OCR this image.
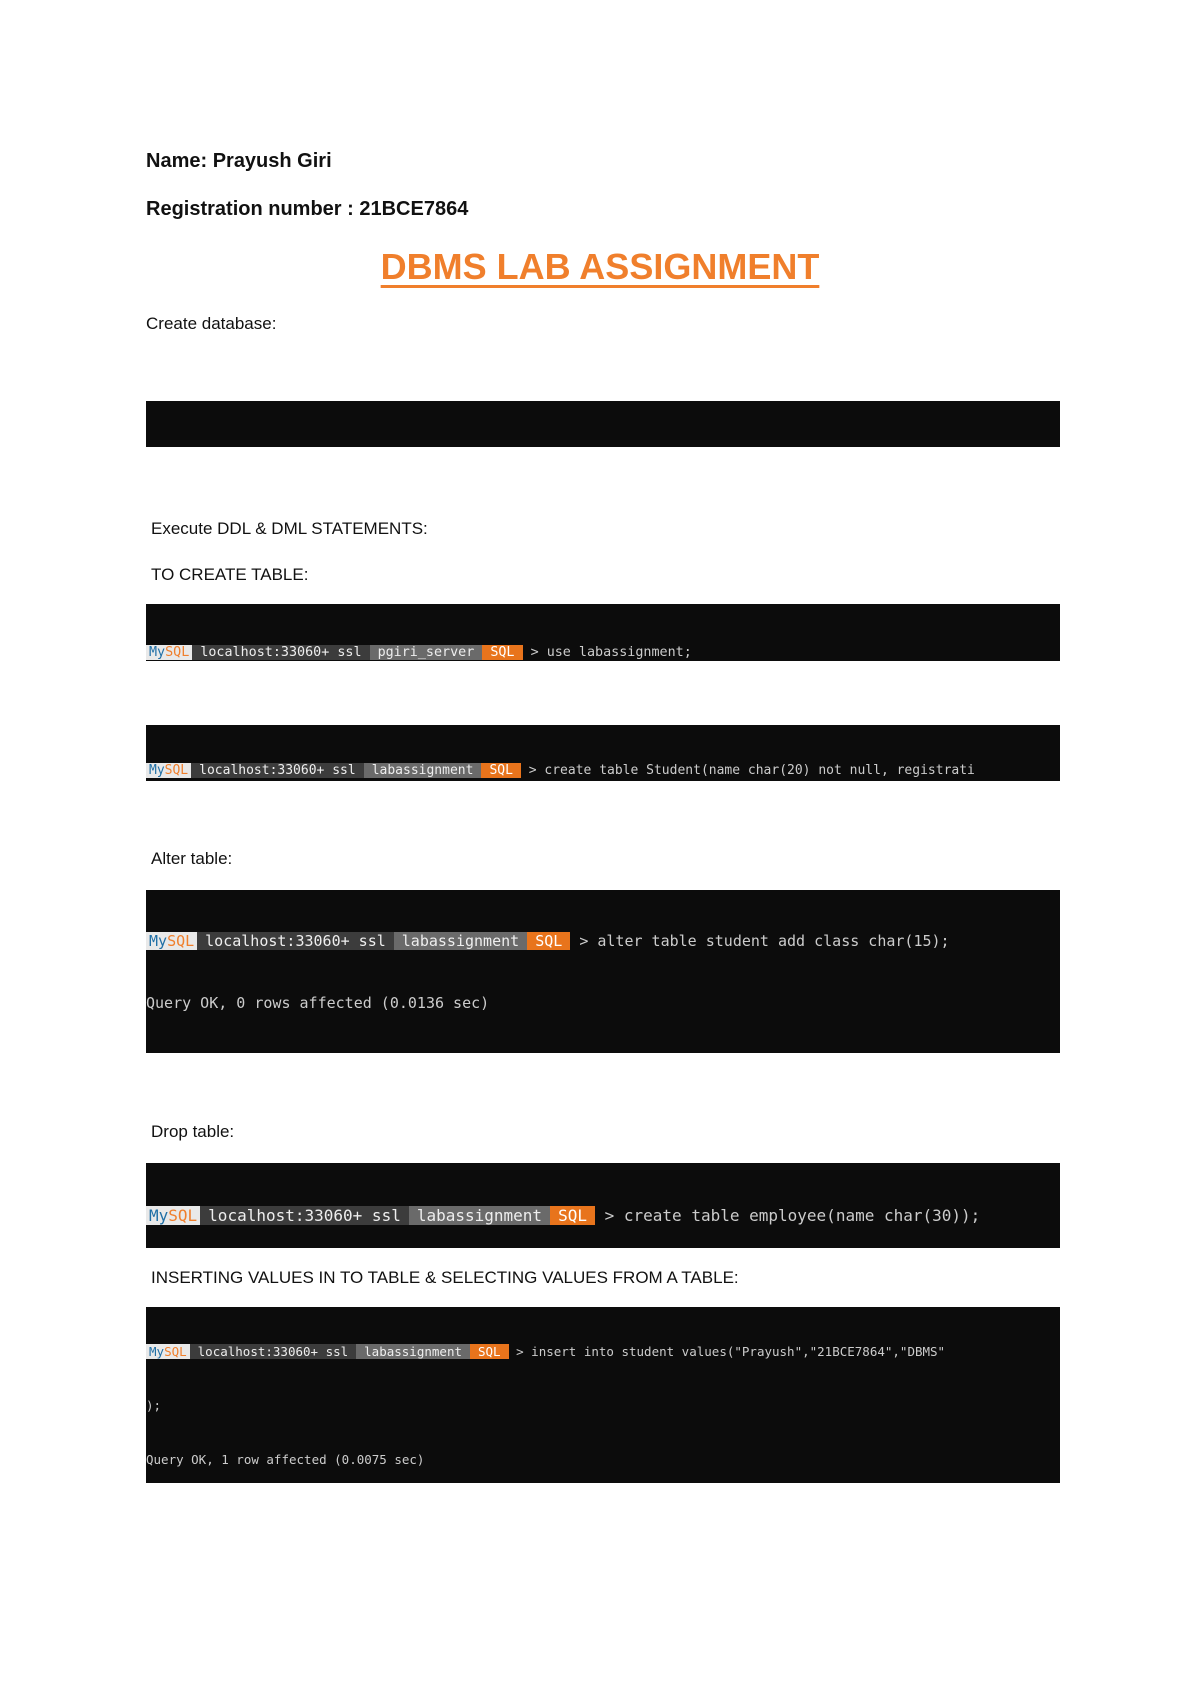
Name: Prayush Giri
Registration number : 21BCE7864
DBMS LAB ASSIGNMENT
Create database:

Execute DDL & DML STATEMENTS:
TO CREATE TABLE:

MySQL localhost:33060+ ssl pgiri_server SQL > use labassignment;

MySQL localhost:33060+ ssl labassignment SQL > create table Student(name char(20) not null, registrati

Alter table:

MySQL localhost:33060+ ssl labassignment SQL > alter table student add class char(15);

Query OK, 0 rows affected (0.0136 sec)

Drop table:

MySQL localhost:33060+ ssl labassignment SQL > create table employee(name char(30));

INSERTING VALUES IN TO TABLE & SELECTING VALUES FROM A TABLE:

MySQL localhost:33060+ ssl labassignment SQL > insert into student values("Prayush","21BCE7864","DBMS"

);

Query OK, 1 row affected (0.0075 sec)
